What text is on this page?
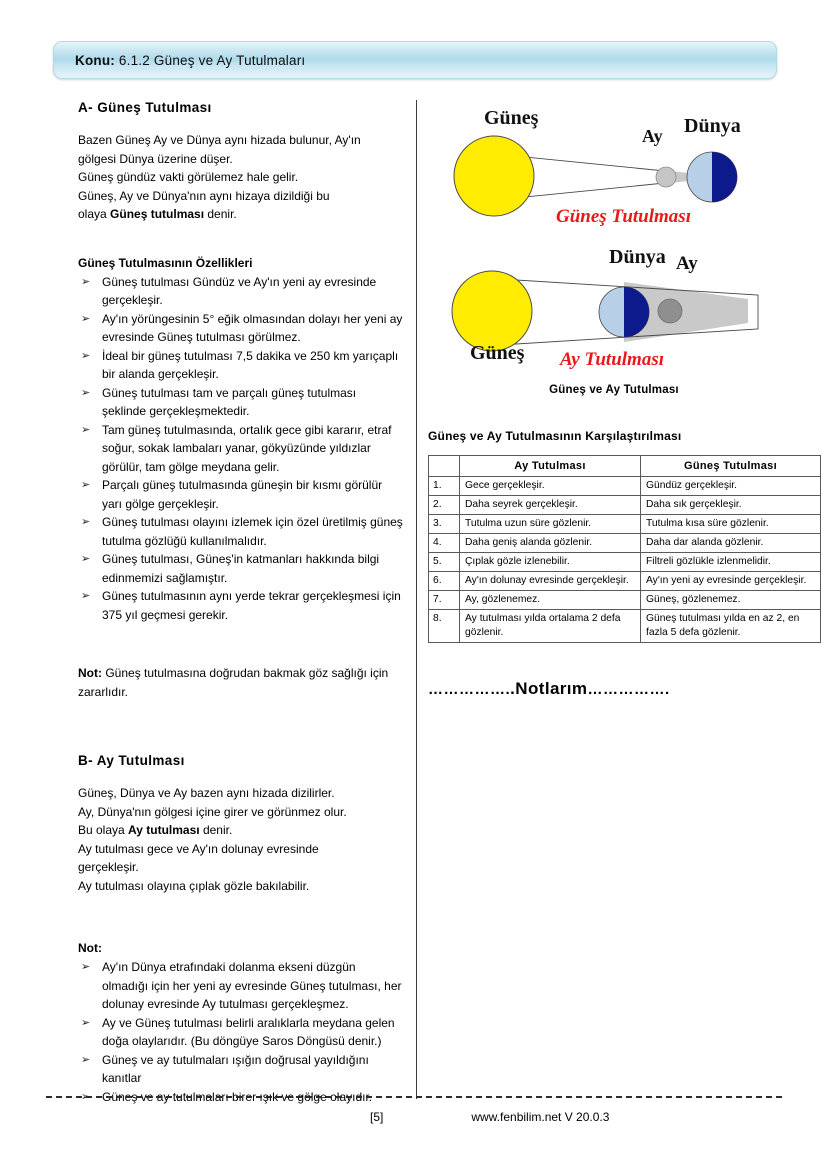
Konu: 6.1.2 Güneş ve Ay Tutulmaları
A- Güneş Tutulması
Bazen Güneş Ay ve Dünya aynı hizada bulunur, Ay'ın
gölgesi Dünya üzerine düşer.
Güneş gündüz vakti görülemez hale gelir.
Güneş, Ay ve Dünya'nın aynı hizaya dizildiği bu
olaya Güneş tutulması denir.
Güneş Tutulmasının Özellikleri
➢ Güneş tutulması Gündüz ve Ay'ın yeni ay evresinde gerçekleşir.
➢ Ay'ın yörüngesinin 5° eğik olmasından dolayı her yeni ay evresinde Güneş tutulması görülmez.
➢ İdeal bir güneş tutulması 7,5 dakika ve 250 km yarıçaplı bir alanda gerçekleşir.
➢ Güneş tutulması tam ve parçalı güneş tutulması şeklinde gerçekleşmektedir.
➢ Tam güneş tutulmasında, ortalık gece gibi kararır, etraf soğur, sokak lambaları yanar, gökyüzünde yıldızlar görülür, tam gölge meydana gelir.
➢ Parçalı güneş tutulmasında güneşin bir kısmı görülür yarı gölge gerçekleşir.
➢ Güneş tutulması olayını izlemek için özel üretilmiş güneş tutulma gözlüğü kullanılmalıdır.
➢ Güneş tutulması, Güneş'in katmanları hakkında bilgi edinmemizi sağlamıştır.
➢ Güneş tutulmasının aynı yerde tekrar gerçekleşmesi için 375 yıl geçmesi gerekir.
Not: Güneş tutulmasına doğrudan bakmak göz sağlığı için zararlıdır.
B- Ay Tutulması
Güneş, Dünya ve Ay bazen aynı hizada dizilirler.
Ay, Dünya'nın gölgesi içine girer ve görünmez olur.
Bu olaya Ay tutulması denir.
Ay tutulması gece ve Ay'ın dolunay evresinde
gerçekleşir.
Ay tutulması olayına çıplak gözle bakılabilir.
Not:
➢ Ay'ın Dünya etrafındaki dolanma ekseni düzgün olmadığı için her yeni ay evresinde Güneş tutulması, her dolunay evresinde Ay tutulması gerçekleşmez.
➢ Ay ve Güneş tutulması belirli aralıklarla meydana gelen doğa olaylarıdır. (Bu döngüye Saros Döngüsü denir.)
➢ Güneş ve ay tutulmaları ışığın doğrusal yayıldığını kanıtlar
➢ Güneş ve ay tutulmaları birer ışık ve gölge olayıdır.
Güneş
Ay Dünya
Güneş Tutulması
Dünya Ay
Güneş Ay Tutulması
Güneş ve Ay Tutulması
Güneş ve Ay Tutulmasının Karşılaştırılması
	Ay Tutulması	Güneş Tutulması
1.	Gece gerçekleşir.	Gündüz gerçekleşir.
2.	Daha seyrek gerçekleşir.	Daha sık gerçekleşir.
3.	Tutulma uzun süre gözlenir.	Tutulma kısa süre gözlenir.
4.	Daha geniş alanda gözlenir.	Daha dar alanda gözlenir.
5.	Çıplak gözle izlenebilir.	Filtreli gözlükle izlenmelidir.
6.	Ay'ın dolunay evresinde gerçekleşir.	Ay'ın yeni ay evresinde gerçekleşir.
7.	Ay, gözlenemez.	Güneş, gözlenemez.
8.	Ay tutulması yılda ortalama 2 defa gözlenir.	Güneş tutulması yılda en az 2, en fazla 5 defa gözlenir.
……………..Notlarım…………….
[5]	www.fenbilim.net V 20.0.3
